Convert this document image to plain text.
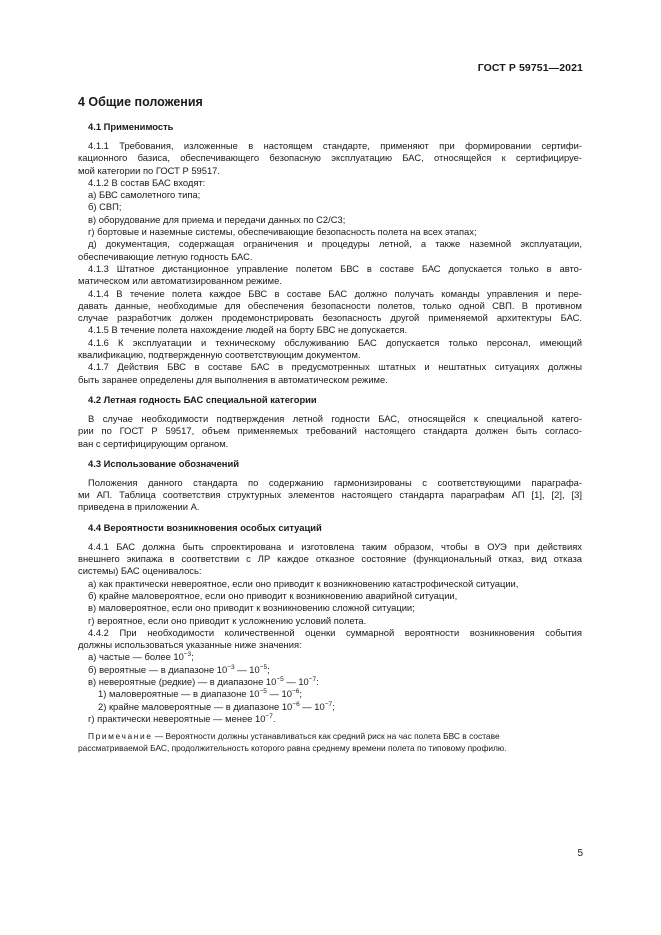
ГОСТ Р 59751—2021
4 Общие положения
4.1 Применимость
4.1.1 Требования, изложенные в настоящем стандарте, применяют при формировании сертифи-
кационного базиса, обеспечивающего безопасную эксплуатацию БАС, относящейся к сертифицируе-
мой категории по ГОСТ Р 59517.
4.1.2 В состав БАС входят:
а) БВС самолетного типа;
б) СВП;
в) оборудование для приема и передачи данных по С2/С3;
г) бортовые и наземные системы, обеспечивающие безопасность полета на всех этапах;
д) документация, содержащая ограничения и процедуры летной, а также наземной эксплуатации,
обеспечивающие летную годность БАС.
4.1.3 Штатное дистанционное управление полетом БВС в составе БАС допускается только в авто-
матическом или автоматизированном режиме.
4.1.4 В течение полета каждое БВС в составе БАС должно получать команды управления и пере-
давать данные, необходимые для обеспечения безопасности полетов, только одной СВП. В противном
случае разработчик должен продемонстрировать безопасность другой применяемой архитектуры БАС.
4.1.5 В течение полета нахождение людей на борту БВС не допускается.
4.1.6 К эксплуатации и техническому обслуживанию БАС допускается только персонал, имеющий
квалификацию, подтвержденную соответствующим документом.
4.1.7 Действия БВС в составе БАС в предусмотренных штатных и нештатных ситуациях должны
быть заранее определены для выполнения в автоматическом режиме.
4.2 Летная годность БАС специальной категории
В случае необходимости подтверждения летной годности БАС, относящейся к специальной катего-
рии по ГОСТ Р 59517, объем применяемых требований настоящего стандарта должен быть согласо-
ван с сертифицирующим органом.
4.3 Использование обозначений
Положения данного стандарта по содержанию гармонизированы с соответствующими параграфа-
ми АП. Таблица соответствия структурных элементов настоящего стандарта параграфам АП [1], [2], [3]
приведена в приложении А.
4.4 Вероятности возникновения особых ситуаций
4.4.1 БАС должна быть спроектирована и изготовлена таким образом, чтобы в ОУЭ при действиях
внешнего экипажа в соответствии с ЛР каждое отказное состояние (функциональный отказ, вид отказа
системы) БАС оценивалось:
а) как практически невероятное, если оно приводит к возникновению катастрофической ситуации,
б) крайне маловероятное, если оно приводит к возникновению аварийной ситуации,
в) маловероятное, если оно приводит к возникновению сложной ситуации;
г) вероятное, если оно приводит к усложнению условий полета.
4.4.2 При необходимости количественной оценки суммарной вероятности возникновения события
должны использоваться указанные ниже значения:
а) частые — более $10^{-3}$;
б) вероятные — в диапазоне $10^{-3}$ — $10^{-5}$;
в) невероятные (редкие) — в диапазоне $10^{-5}$ — $10^{-7}$:
1) маловероятные — в диапазоне $10^{-5}$ — $10^{-6}$;
2) крайне маловероятные — в диапазоне $10^{-6}$ — $10^{-7}$;
г) практически невероятные — менее $10^{-7}$.
Примечание — Вероятности должны устанавливаться как средний риск на час полета БВС в составе
рассматриваемой БАС, продолжительность которого равна среднему времени полета по типовому профилю.
5
